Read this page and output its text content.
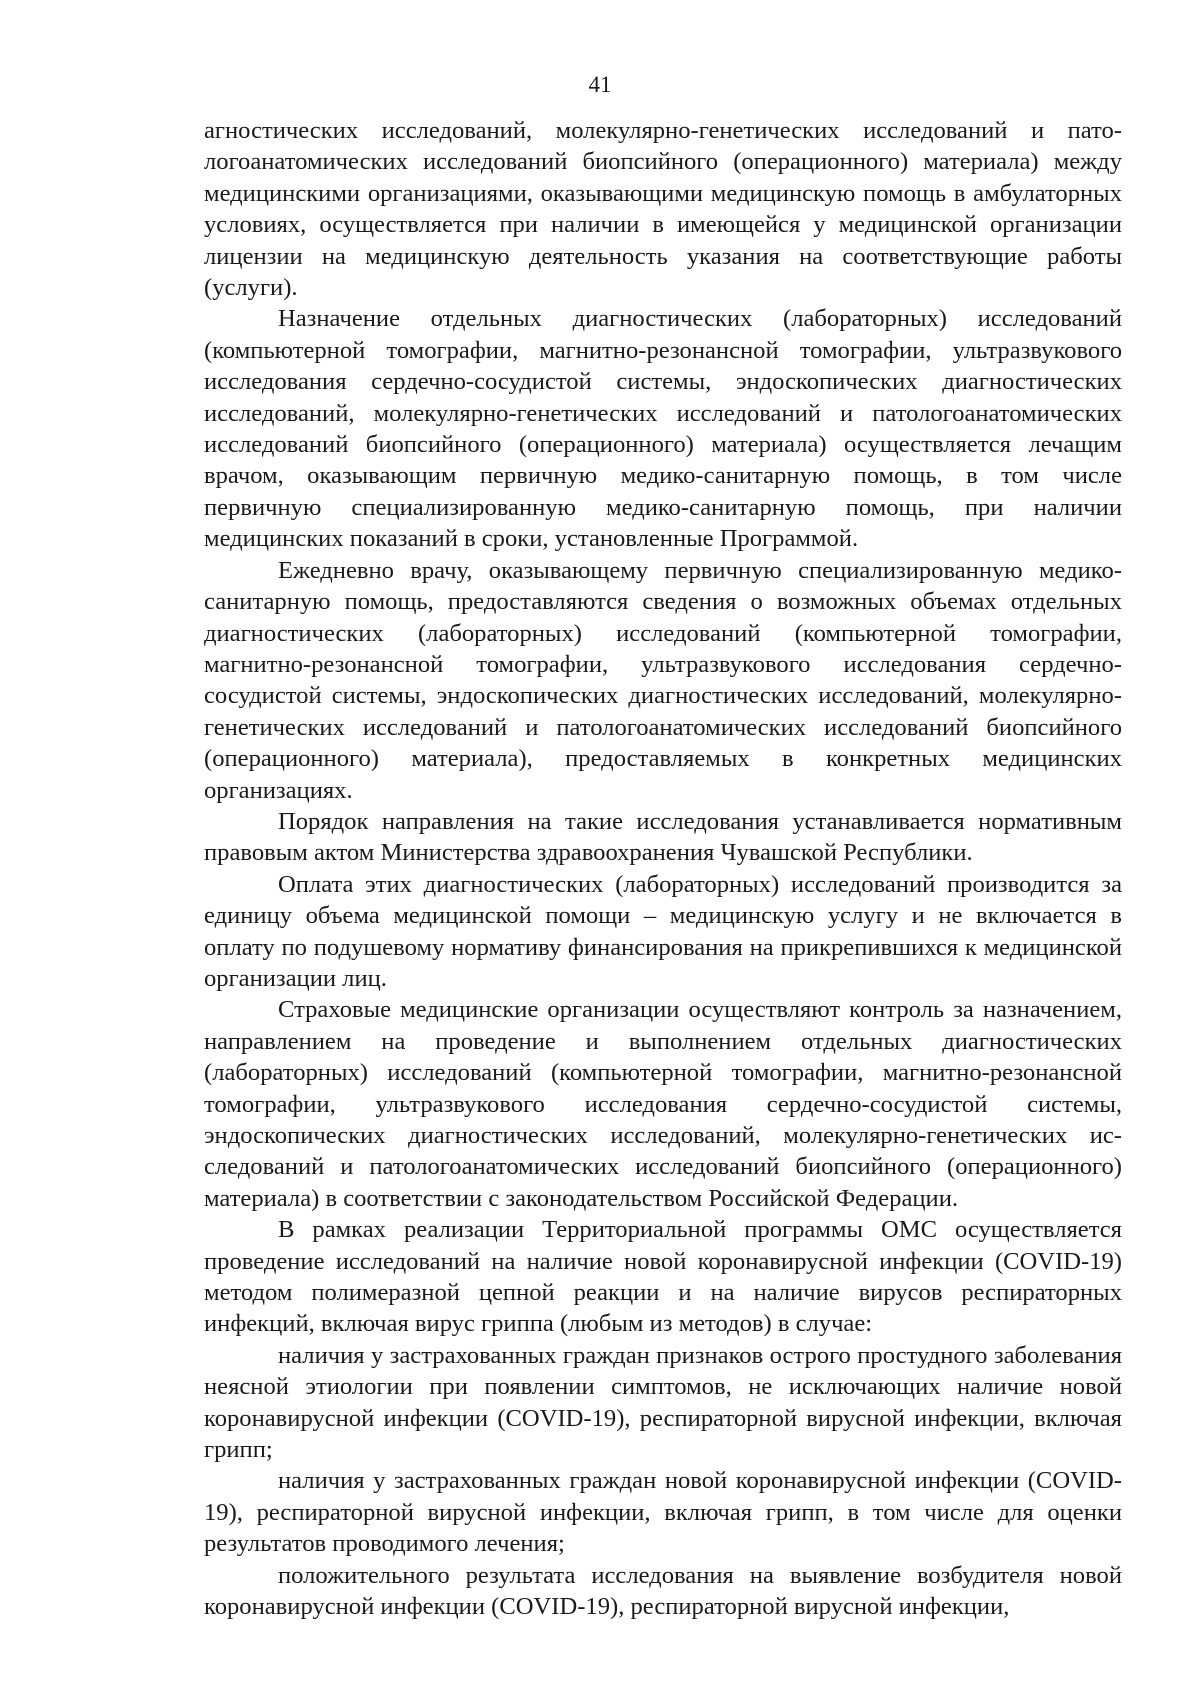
41

агностических исследований, молекулярно-генетических исследований и патологоанатомических исследований биопсийного (операционного) материала) между медицинскими организациями, оказывающими медицинскую помощь в амбулаторных условиях, осуществляется при наличии в имеющейся у медицинской организации лицензии на медицинскую деятельность указания на соответствующие работы (услуги).

Назначение отдельных диагностических (лабораторных) исследований (компьютерной томографии, магнитно-резонансной томографии, ультразвукового исследования сердечно-сосудистой системы, эндоскопических диагностических исследований, молекулярно-генетических исследований и патологоанатомических исследований биопсийного (операционного) материала) осуществляется лечащим врачом, оказывающим первичную медико-санитарную помощь, в том числе первичную специализированную медико-санитарную помощь, при наличии медицинских показаний в сроки, установленные Программой.

Ежедневно врачу, оказывающему первичную специализированную медико-санитарную помощь, предоставляются сведения о возможных объемах отдельных диагностических (лабораторных) исследований (компьютерной томографии, магнитно-резонансной томографии, ультразвукового исследования сердечно-сосудистой системы, эндоскопических диагностических исследований, молекулярно-генетических исследований и патологоанатомических исследований биопсийного (операционного) материала), предоставляемых в конкретных медицинских организациях.

Порядок направления на такие исследования устанавливается нормативным правовым актом Министерства здравоохранения Чувашской Республики.

Оплата этих диагностических (лабораторных) исследований производится за единицу объема медицинской помощи – медицинскую услугу и не включается в оплату по подушевому нормативу финансирования на прикрепившихся к медицинской организации лиц.

Страховые медицинские организации осуществляют контроль за назначением, направлением на проведение и выполнением отдельных диагностических (лабораторных) исследований (компьютерной томографии, магнитно-резонансной томографии, ультразвукового исследования сердечно-сосудистой системы, эндоскопических диагностических исследований, молекулярно-генетических исследований и патологоанатомических исследований биопсийного (операционного) материала) в соответствии с законодательством Российской Федерации.

В рамках реализации Территориальной программы ОМС осуществляется проведение исследований на наличие новой коронавирусной инфекции (COVID-19) методом полимеразной цепной реакции и на наличие вирусов респираторных инфекций, включая вирус гриппа (любым из методов) в случае:

наличия у застрахованных граждан признаков острого простудного заболевания неясной этиологии при появлении симптомов, не исключающих наличие новой коронавирусной инфекции (COVID-19), респираторной вирусной инфекции, включая грипп;

наличия у застрахованных граждан новой коронавирусной инфекции (COVID-19), респираторной вирусной инфекции, включая грипп, в том числе для оценки результатов проводимого лечения;

положительного результата исследования на выявление возбудителя новой коронавирусной инфекции (COVID-19), респираторной вирусной инфекции,
